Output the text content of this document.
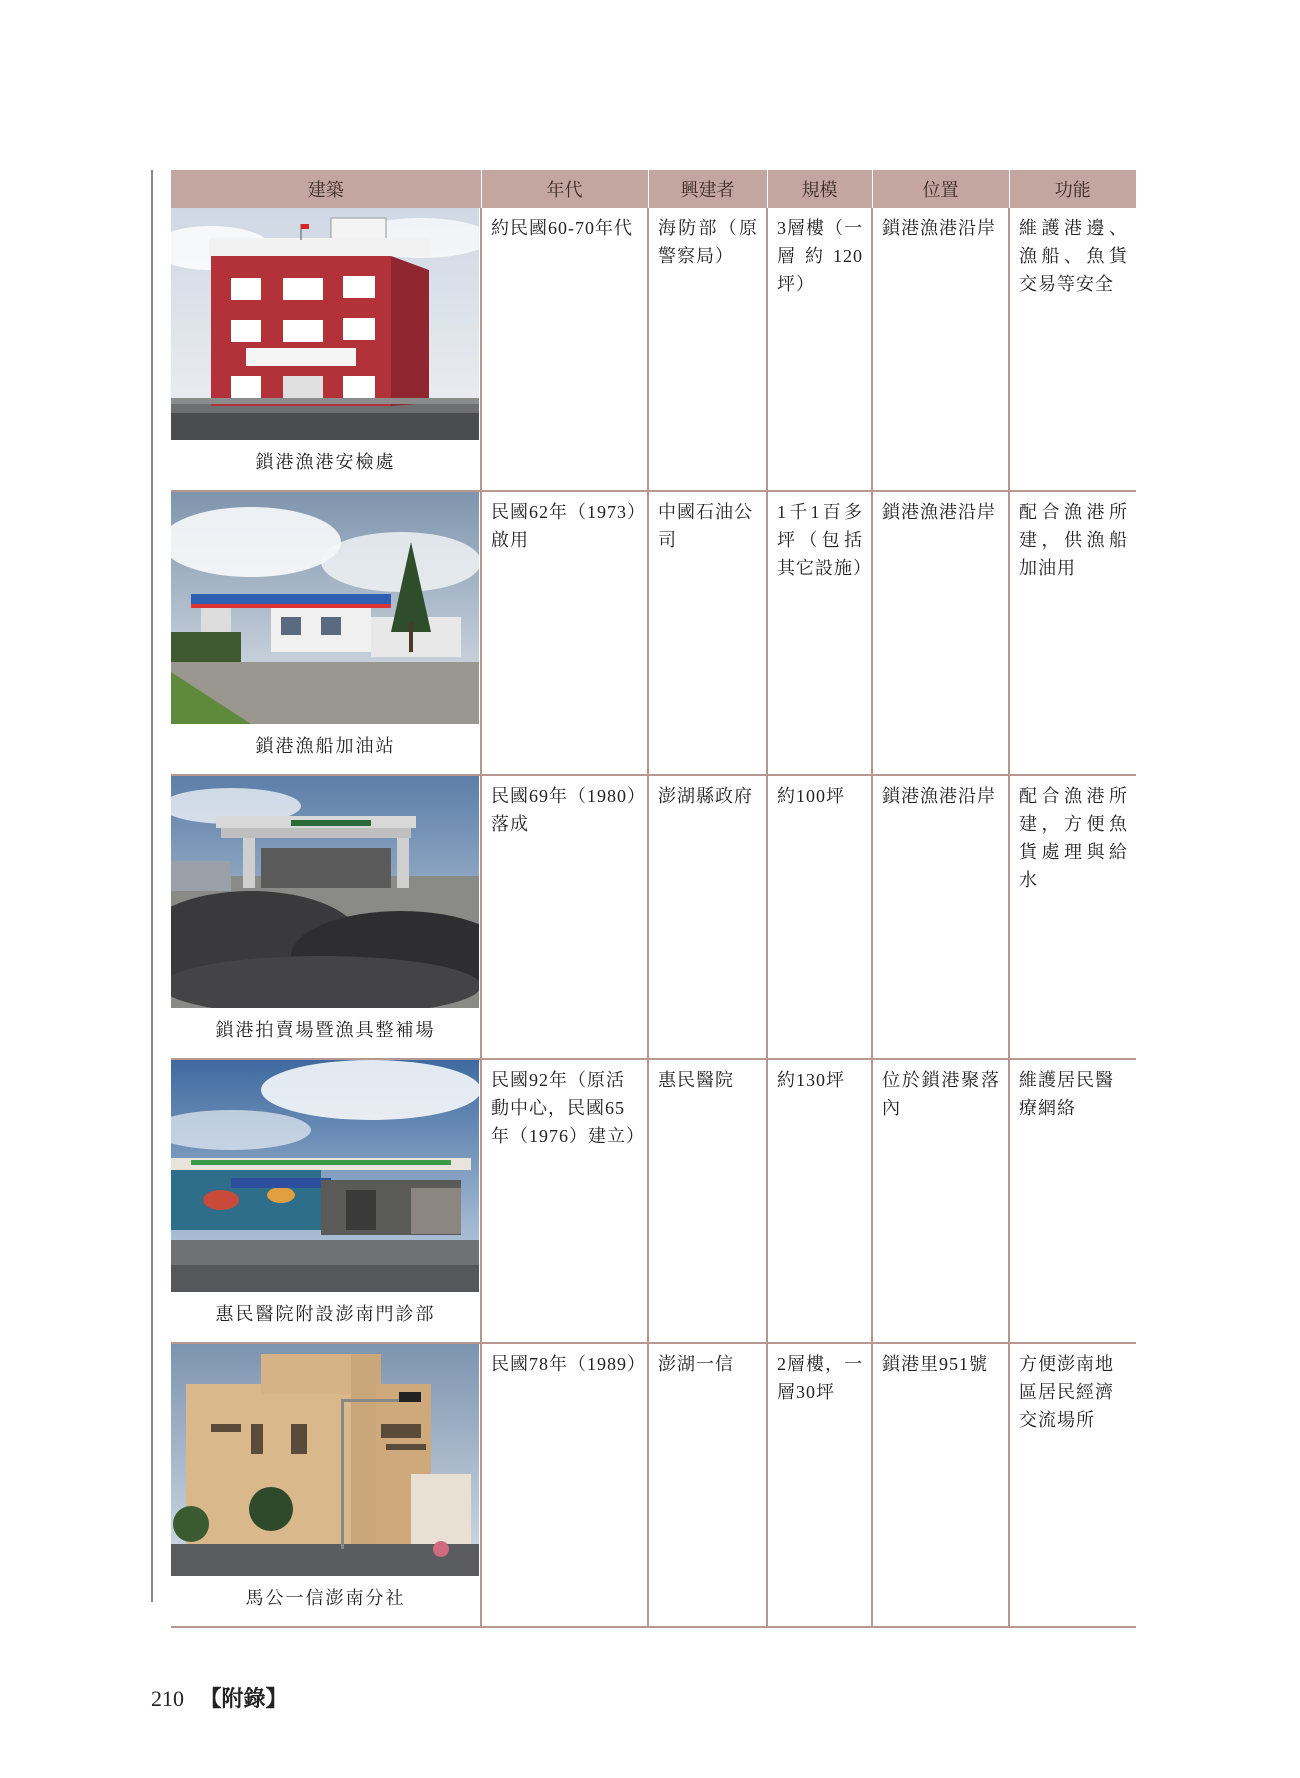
建築	年代	興建者	規模	位置	功能

鎖港漁港安檢處	約民國60-70年代	海防部（原警察局）	3層樓（一層約120坪）	鎖港漁港沿岸	維護港邊、漁船、魚貨交易等安全

鎖港漁船加油站	民國62年（1973）啟用	中國石油公司	1千1百多坪（包括其它設施）	鎖港漁港沿岸	配合漁港所建，供漁船加油用

鎖港拍賣場暨漁具整補場	民國69年（1980）落成	澎湖縣政府	約100坪	鎖港漁港沿岸	配合漁港所建，方便魚貨處理與給水

惠民醫院附設澎南門診部	民國92年（原活動中心，民國65年（1976）建立）	惠民醫院	約130坪	位於鎖港聚落內	維護居民醫療網絡

馬公一信澎南分社	民國78年（1989）	澎湖一信	2層樓，一層30坪	鎖港里951號	方便澎南地區居民經濟交流場所
210 【附錄】
